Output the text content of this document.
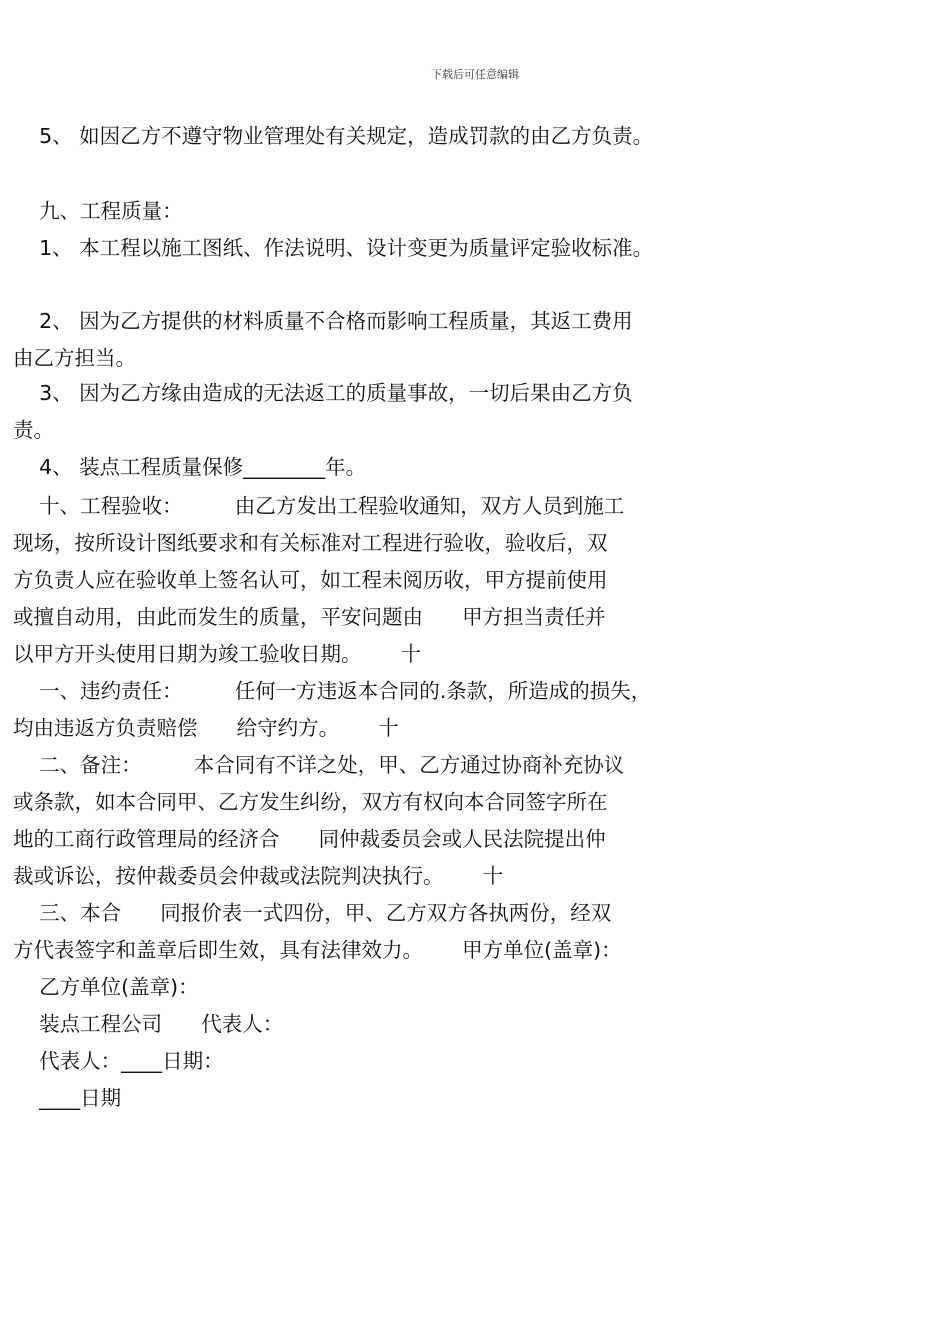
下载后可任意编辑
5、 如因乙方不遵守物业管理处有关规定，造成罚款的由乙方负责。
九、工程质量：
1、 本工程以施工图纸、作法说明、设计变更为质量评定验收标准。
2、 因为乙方提供的材料质量不合格而影响工程质量，其返工费用
由乙方担当。
3、 因为乙方缘由造成的无法返工的质量事故，一切后果由乙方负
责。
4、 装点工程质量保修________年。
十、工程验收：        由乙方发出工程验收通知，双方人员到施工
现场，按所设计图纸要求和有关标准对工程进行验收，验收后，双
方负责人应在验收单上签名认可，如工程未阅历收，甲方提前使用
或擅自动用，由此而发生的质量，平安问题由      甲方担当责任并
以甲方开头使用日期为竣工验收日期。      十
一、违约责任：        任何一方违返本合同的.条款，所造成的损失，
均由违返方负责赔偿      给守约方。      十
二、备注：        本合同有不详之处，甲、乙方通过协商补充协议
或条款，如本合同甲、乙方发生纠纷，双方有权向本合同签字所在
地的工商行政管理局的经济合      同仲裁委员会或人民法院提出仲
裁或诉讼，按仲裁委员会仲裁或法院判决执行。      十
三、本合      同报价表一式四份，甲、乙方双方各执两份，经双
方代表签字和盖章后即生效，具有法律效力。      甲方单位(盖章)：
乙方单位(盖章)：
装点工程公司      代表人：
代表人：____日期：
____日期
